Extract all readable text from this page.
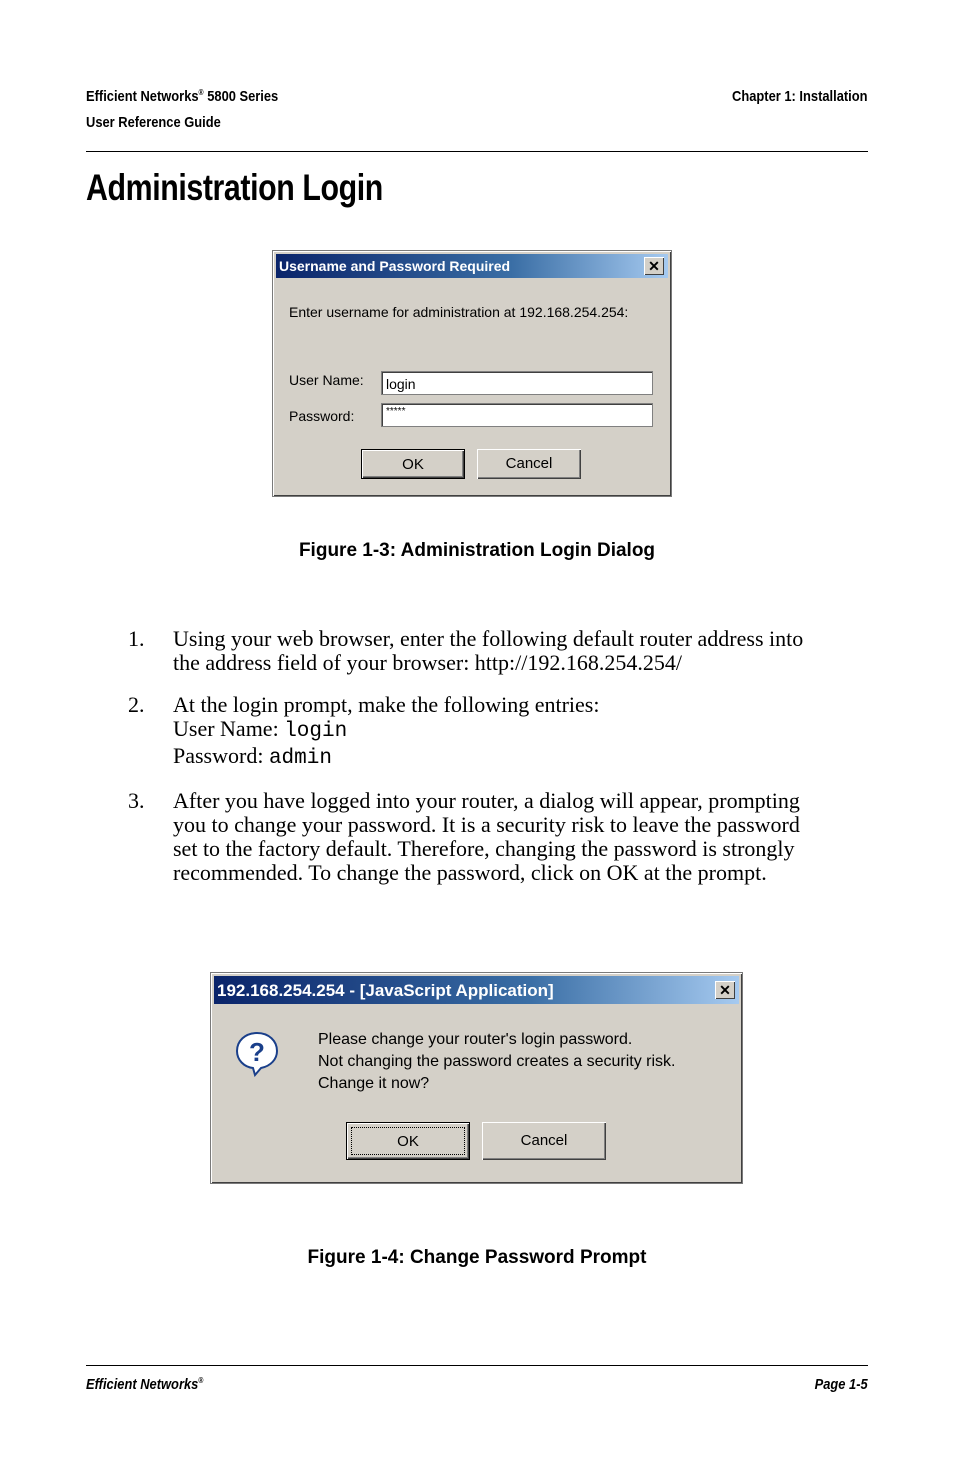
Efficient Networks® 5800 Series
User Reference Guide
Chapter 1: Installation
Administration Login
Username and Password Required	✕
Enter username for administration at 192.168.254.254:
User Name:	login
Password:	*****
OK	Cancel
Figure 1-3: Administration Login Dialog
1. Using your web browser, enter the following default router address into the address field of your browser: http://192.168.254.254/
2. At the login prompt, make the following entries:
User Name: login
Password: admin
3. After you have logged into your router, a dialog will appear, prompting you to change your password. It is a security risk to leave the password set to the factory default. Therefore, changing the password is strongly recommended. To change the password, click on OK at the prompt.
192.168.254.254 - [JavaScript Application]	✕
?	Please change your router's login password.
Not changing the password creates a security risk.
Change it now?
OK	Cancel
Figure 1-4: Change Password Prompt
Efficient Networks®	Page 1-5
